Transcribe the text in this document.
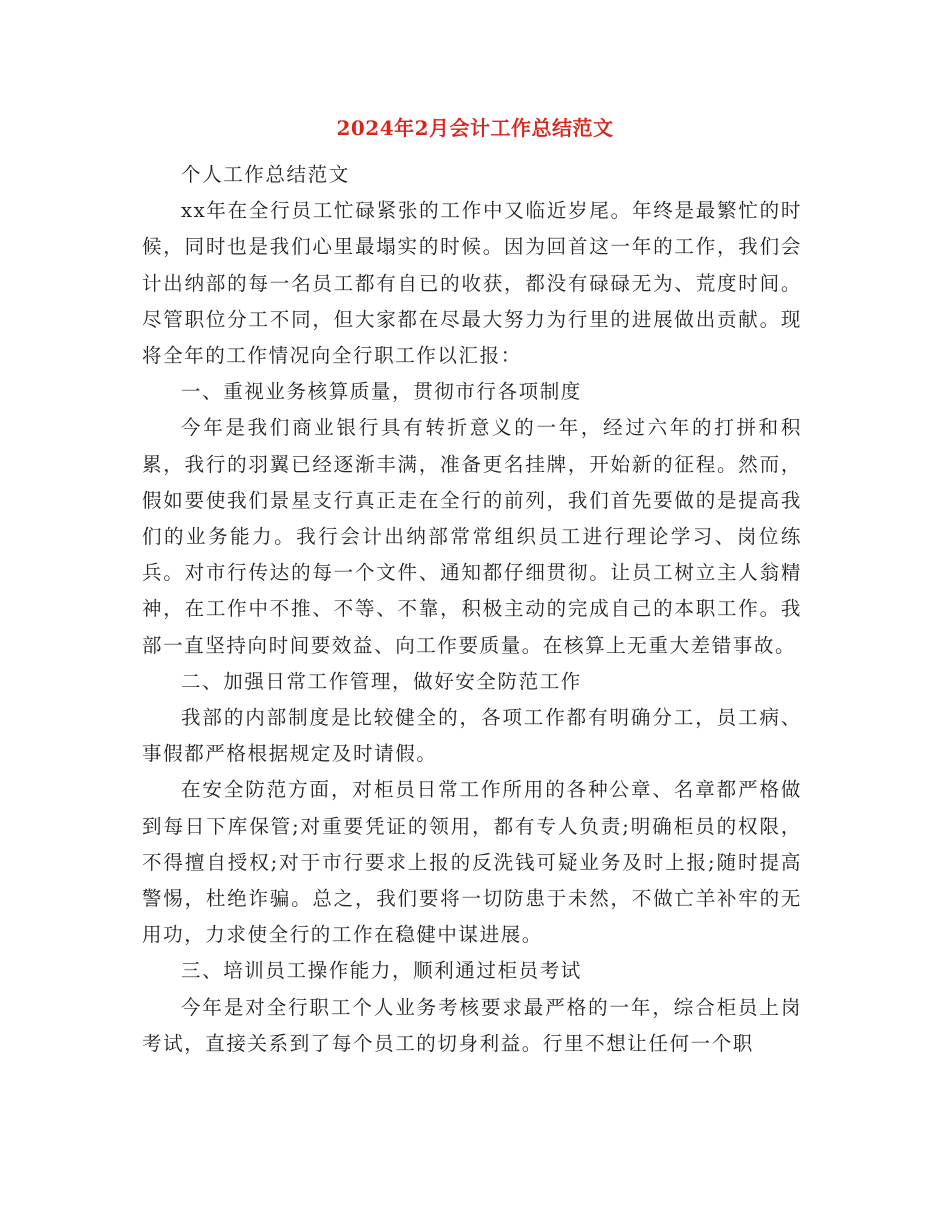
2024年2月会计工作总结范文

个人工作总结范文

xx年在全行员工忙碌紧张的工作中又临近岁尾。年终是最繁忙的时候，同时也是我们心里最塌实的时候。因为回首这一年的工作，我们会计出纳部的每一名员工都有自已的收获，都没有碌碌无为、荒度时间。尽管职位分工不同，但大家都在尽最大努力为行里的进展做出贡献。现将全年的工作情况向全行职工作以汇报：

一、重视业务核算质量，贯彻市行各项制度

今年是我们商业银行具有转折意义的一年，经过六年的打拼和积累，我行的羽翼已经逐渐丰满，准备更名挂牌，开始新的征程。然而，假如要使我们景星支行真正走在全行的前列，我们首先要做的是提高我们的业务能力。我行会计出纳部常常组织员工进行理论学习、岗位练兵。对市行传达的每一个文件、通知都仔细贯彻。让员工树立主人翁精神，在工作中不推、不等、不靠，积极主动的完成自己的本职工作。我部一直坚持向时间要效益、向工作要质量。在核算上无重大差错事故。

二、加强日常工作管理，做好安全防范工作

我部的内部制度是比较健全的，各项工作都有明确分工，员工病、事假都严格根据规定及时请假。

在安全防范方面，对柜员日常工作所用的各种公章、名章都严格做到每日下库保管;对重要凭证的领用，都有专人负责;明确柜员的权限，不得擅自授权;对于市行要求上报的反洗钱可疑业务及时上报;随时提高警惕，杜绝诈骗。总之，我们要将一切防患于未然，不做亡羊补牢的无用功，力求使全行的工作在稳健中谋进展。

三、培训员工操作能力，顺利通过柜员考试

今年是对全行职工个人业务考核要求最严格的一年，综合柜员上岗考试，直接关系到了每个员工的切身利益。行里不想让任何一个职
